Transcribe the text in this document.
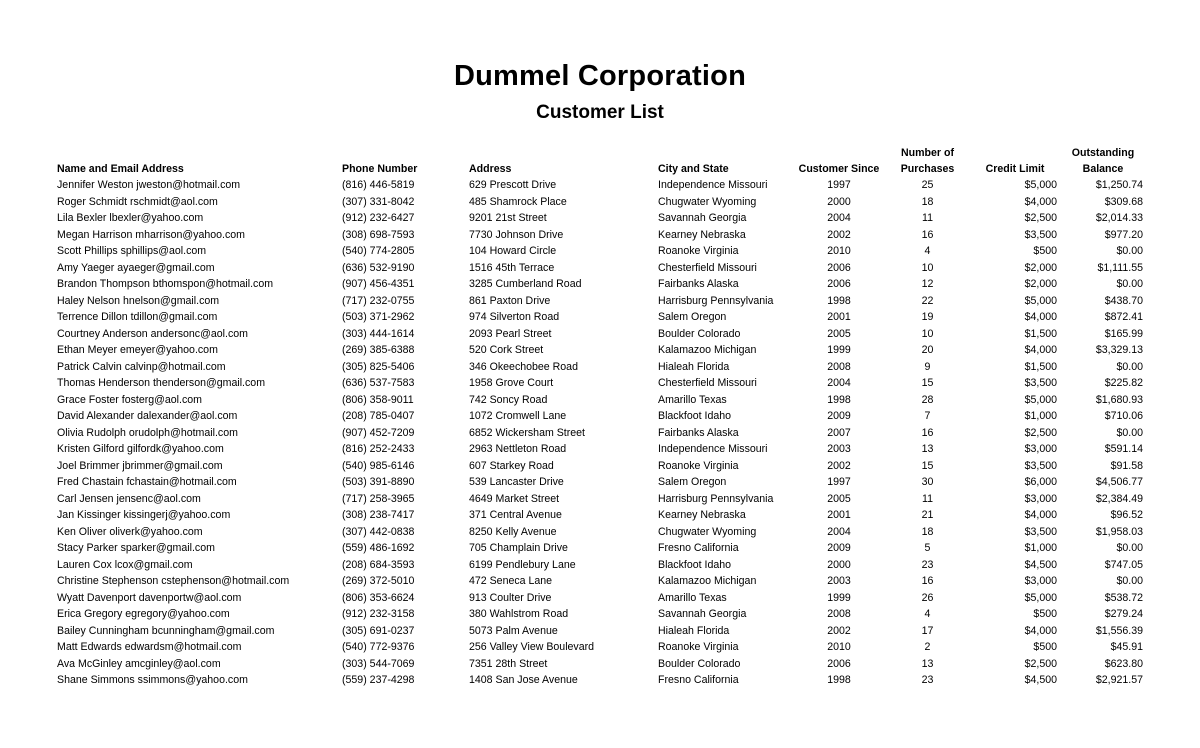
Dummel Corporation
Customer List
Name and Email Address	Phone Number	Address	City and State	Customer Since	Number of
Purchases	Credit Limit	Outstanding
Balance
Jennifer Weston jweston@hotmail.com	(816) 446-5819	629 Prescott Drive	Independence Missouri	1997	25	$5,000	$1,250.74
Roger Schmidt rschmidt@aol.com	(307) 331-8042	485 Shamrock Place	Chugwater Wyoming	2000	18	$4,000	$309.68
Lila Bexler lbexler@yahoo.com	(912) 232-6427	9201 21st Street	Savannah Georgia	2004	11	$2,500	$2,014.33
Megan Harrison mharrison@yahoo.com	(308) 698-7593	7730 Johnson Drive	Kearney Nebraska	2002	16	$3,500	$977.20
Scott Phillips sphillips@aol.com	(540) 774-2805	104 Howard Circle	Roanoke Virginia	2010	4	$500	$0.00
Amy Yaeger ayaeger@gmail.com	(636) 532-9190	1516 45th Terrace	Chesterfield Missouri	2006	10	$2,000	$1,111.55
Brandon Thompson bthomspon@hotmail.com	(907) 456-4351	3285 Cumberland Road	Fairbanks Alaska	2006	12	$2,000	$0.00
Haley Nelson hnelson@gmail.com	(717) 232-0755	861 Paxton Drive	Harrisburg Pennsylvania	1998	22	$5,000	$438.70
Terrence Dillon tdillon@gmail.com	(503) 371-2962	974 Silverton Road	Salem Oregon	2001	19	$4,000	$872.41
Courtney Anderson andersonc@aol.com	(303) 444-1614	2093 Pearl Street	Boulder Colorado	2005	10	$1,500	$165.99
Ethan Meyer emeyer@yahoo.com	(269) 385-6388	520 Cork Street	Kalamazoo Michigan	1999	20	$4,000	$3,329.13
Patrick Calvin calvinp@hotmail.com	(305) 825-5406	346 Okeechobee Road	Hialeah Florida	2008	9	$1,500	$0.00
Thomas Henderson thenderson@gmail.com	(636) 537-7583	1958 Grove Court	Chesterfield Missouri	2004	15	$3,500	$225.82
Grace Foster fosterg@aol.com	(806) 358-9011	742 Soncy Road	Amarillo Texas	1998	28	$5,000	$1,680.93
David Alexander dalexander@aol.com	(208) 785-0407	1072 Cromwell Lane	Blackfoot Idaho	2009	7	$1,000	$710.06
Olivia Rudolph orudolph@hotmail.com	(907) 452-7209	6852 Wickersham Street	Fairbanks Alaska	2007	16	$2,500	$0.00
Kristen Gilford gilfordk@yahoo.com	(816) 252-2433	2963 Nettleton Road	Independence Missouri	2003	13	$3,000	$591.14
Joel Brimmer jbrimmer@gmail.com	(540) 985-6146	607 Starkey Road	Roanoke Virginia	2002	15	$3,500	$91.58
Fred Chastain fchastain@hotmail.com	(503) 391-8890	539 Lancaster Drive	Salem Oregon	1997	30	$6,000	$4,506.77
Carl Jensen jensenc@aol.com	(717) 258-3965	4649 Market Street	Harrisburg Pennsylvania	2005	11	$3,000	$2,384.49
Jan Kissinger kissingerj@yahoo.com	(308) 238-7417	371 Central Avenue	Kearney Nebraska	2001	21	$4,000	$96.52
Ken Oliver oliverk@yahoo.com	(307) 442-0838	8250 Kelly Avenue	Chugwater Wyoming	2004	18	$3,500	$1,958.03
Stacy Parker sparker@gmail.com	(559) 486-1692	705 Champlain Drive	Fresno California	2009	5	$1,000	$0.00
Lauren Cox lcox@gmail.com	(208) 684-3593	6199 Pendlebury Lane	Blackfoot Idaho	2000	23	$4,500	$747.05
Christine Stephenson cstephenson@hotmail.com	(269) 372-5010	472 Seneca Lane	Kalamazoo Michigan	2003	16	$3,000	$0.00
Wyatt Davenport davenportw@aol.com	(806) 353-6624	913 Coulter Drive	Amarillo Texas	1999	26	$5,000	$538.72
Erica Gregory egregory@yahoo.com	(912) 232-3158	380 Wahlstrom Road	Savannah Georgia	2008	4	$500	$279.24
Bailey Cunningham bcunningham@gmail.com	(305) 691-0237	5073 Palm Avenue	Hialeah Florida	2002	17	$4,000	$1,556.39
Matt Edwards edwardsm@hotmail.com	(540) 772-9376	256 Valley View Boulevard	Roanoke Virginia	2010	2	$500	$45.91
Ava McGinley amcginley@aol.com	(303) 544-7069	7351 28th Street	Boulder Colorado	2006	13	$2,500	$623.80
Shane Simmons ssimmons@yahoo.com	(559) 237-4298	1408 San Jose Avenue	Fresno California	1998	23	$4,500	$2,921.57
